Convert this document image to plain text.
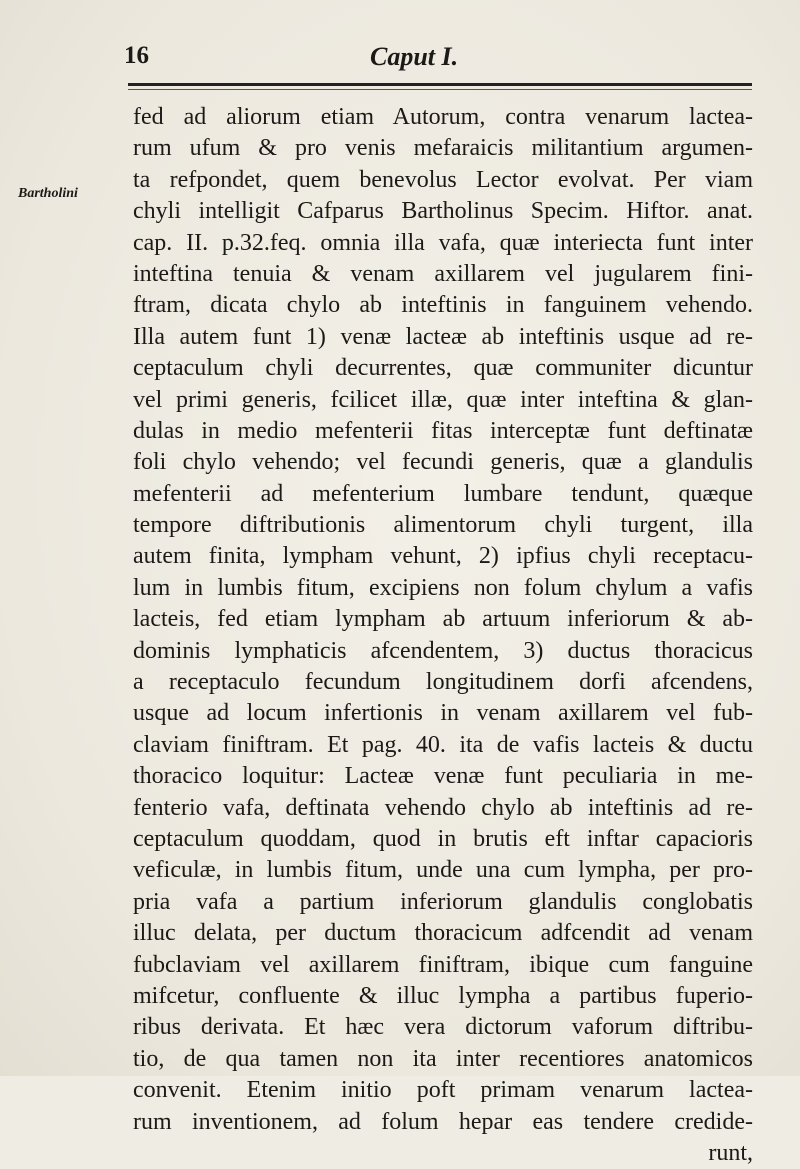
16	Caput I.
Bartholini
fed ad aliorum etiam Autorum, contra venarum lactea-
rum ufum & pro venis mefaraicis militantium argumen-
ta refpondet, quem benevolus Lector evolvat. Per viam
chyli intelligit Cafparus Bartholinus Specim. Hiftor. anat.
cap. II. p.32.feq. omnia illa vafa, quæ interiecta funt inter
inteftina tenuia & venam axillarem vel jugularem fini-
ftram, dicata chylo ab inteftinis in fanguinem vehendo.
Illa autem funt 1) venæ lacteæ ab inteftinis usque ad re-
ceptaculum chyli decurrentes, quæ communiter dicuntur
vel primi generis, fcilicet illæ, quæ inter inteftina & glan-
dulas in medio mefenterii fitas interceptæ funt deftinatæ
foli chylo vehendo; vel fecundi generis, quæ a glandulis
mefenterii ad mefenterium lumbare tendunt, quæque
tempore diftributionis alimentorum chyli turgent, illa
autem finita, lympham vehunt, 2) ipfius chyli receptacu-
lum in lumbis fitum, excipiens non folum chylum a vafis
lacteis, fed etiam lympham ab artuum inferiorum & ab-
dominis lymphaticis afcendentem, 3) ductus thoracicus
a receptaculo fecundum longitudinem dorfi afcendens,
usque ad locum infertionis in venam axillarem vel fub-
claviam finiftram. Et pag. 40. ita de vafis lacteis & ductu
thoracico loquitur: Lacteæ venæ funt peculiaria in me-
fenterio vafa, deftinata vehendo chylo ab inteftinis ad re-
ceptaculum quoddam, quod in brutis eft inftar capacioris
veficulæ, in lumbis fitum, unde una cum lympha, per pro-
pria vafa a partium inferiorum glandulis conglobatis
illuc delata, per ductum thoracicum adfcendit ad venam
fubclaviam vel axillarem finiftram, ibique cum fanguine
mifcetur, confluente & illuc lympha a partibus fuperio-
ribus derivata. Et hæc vera dictorum vaforum diftribu-
tio, de qua tamen non ita inter recentiores anatomicos
convenit. Etenim initio poft primam venarum lactea-
rum inventionem, ad folum hepar eas tendere credide-
runt,
